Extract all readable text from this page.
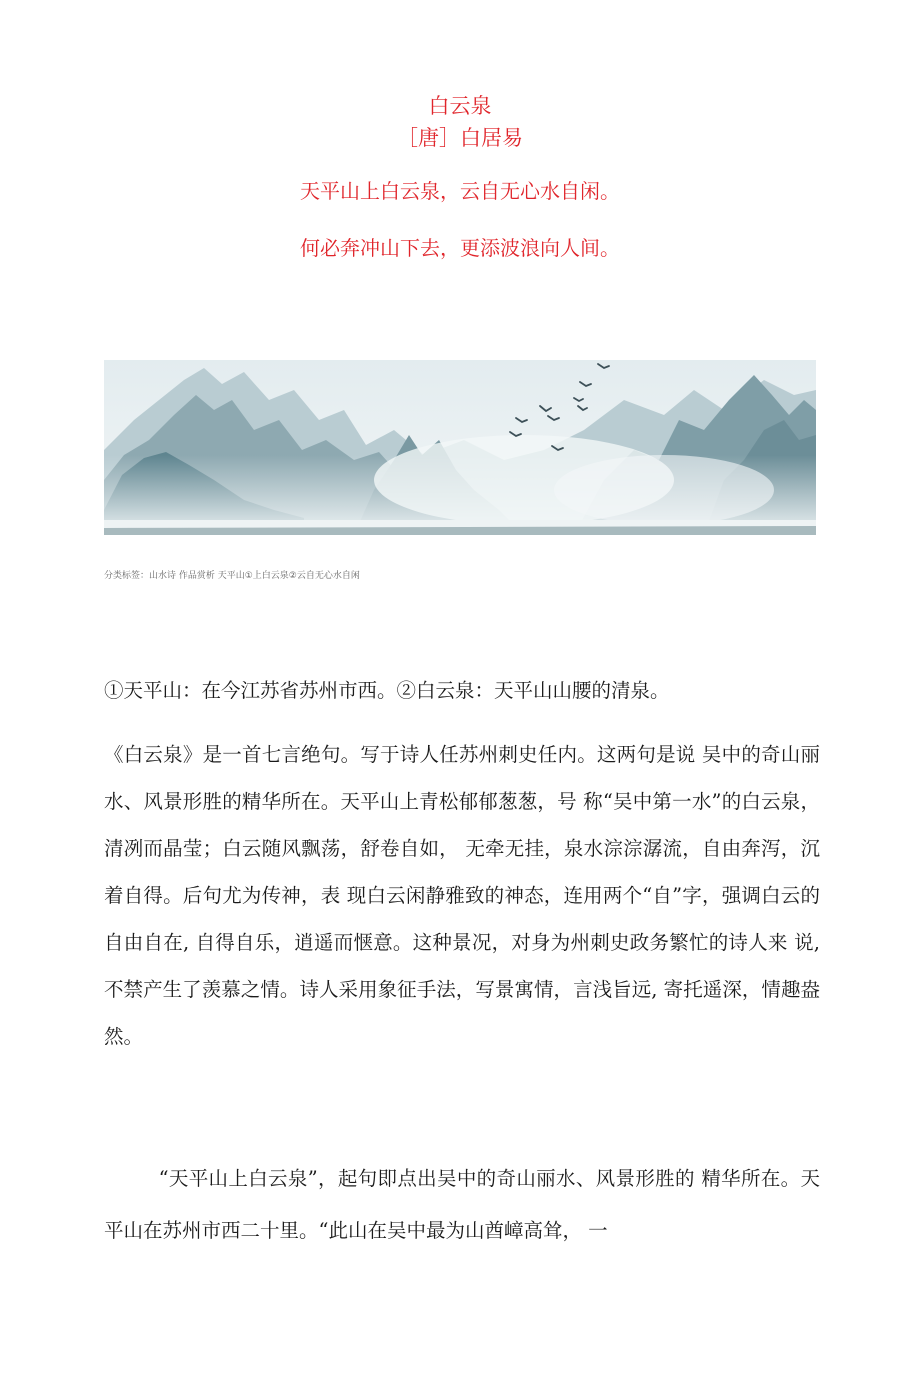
白云泉
［唐］白居易
天平山上白云泉，云自无心水自闲。
何必奔冲山下去，更添波浪向人间。
分类标签：山水诗 作品赏析 天平山①上白云泉②云自无心水自闲
①天平山：在今江苏省苏州市西。②白云泉：天平山山腰的清泉。
《白云泉》是一首七言绝句。写于诗人任苏州刺史任内。这两句是说 吴中的奇山丽水、风景形胜的精华所在。天平山上青松郁郁葱葱，号 称“吴中第一水”的白云泉，清冽而晶莹；白云随风飘荡，舒卷自如， 无牵无挂，泉水淙淙潺流，自由奔泻，沉着自得。后句尤为传神，表 现白云闲静雅致的神态，连用两个“自”字，强调白云的自由自在, 自得自乐，逍遥而惬意。这种景况，对身为州刺史政务繁忙的诗人来 说,不禁产生了羡慕之情。诗人采用象征手法，写景寓情，言浅旨远, 寄托遥深，情趣盎然。
“天平山上白云泉”，起句即点出吴中的奇山丽水、风景形胜的 精华所在。天平山在苏州市西二十里。“此山在吴中最为山酋嶂高耸， 一
